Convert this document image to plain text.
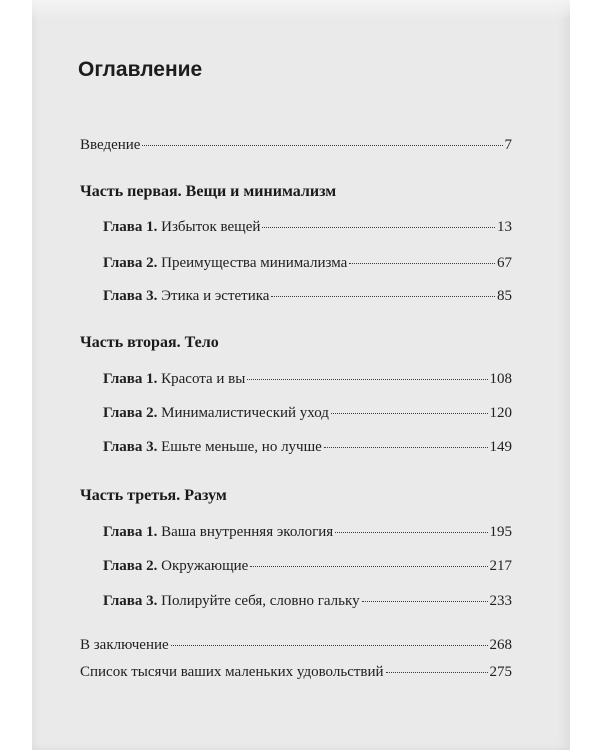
Оглавление
Введение	7
Часть первая. Вещи и минимализм
Глава 1. Избыток вещей	13
Глава 2. Преимущества минимализма	67
Глава 3. Этика и эстетика	85
Часть вторая. Тело
Глава 1. Красота и вы	108
Глава 2. Минималистический уход	120
Глава 3. Ешьте меньше, но лучше	149
Часть третья. Разум
Глава 1. Ваша внутренняя экология	195
Глава 2. Окружающие	217
Глава 3. Полируйте себя, словно гальку	233
В заключение	268
Список тысячи ваших маленьких удовольствий	275
